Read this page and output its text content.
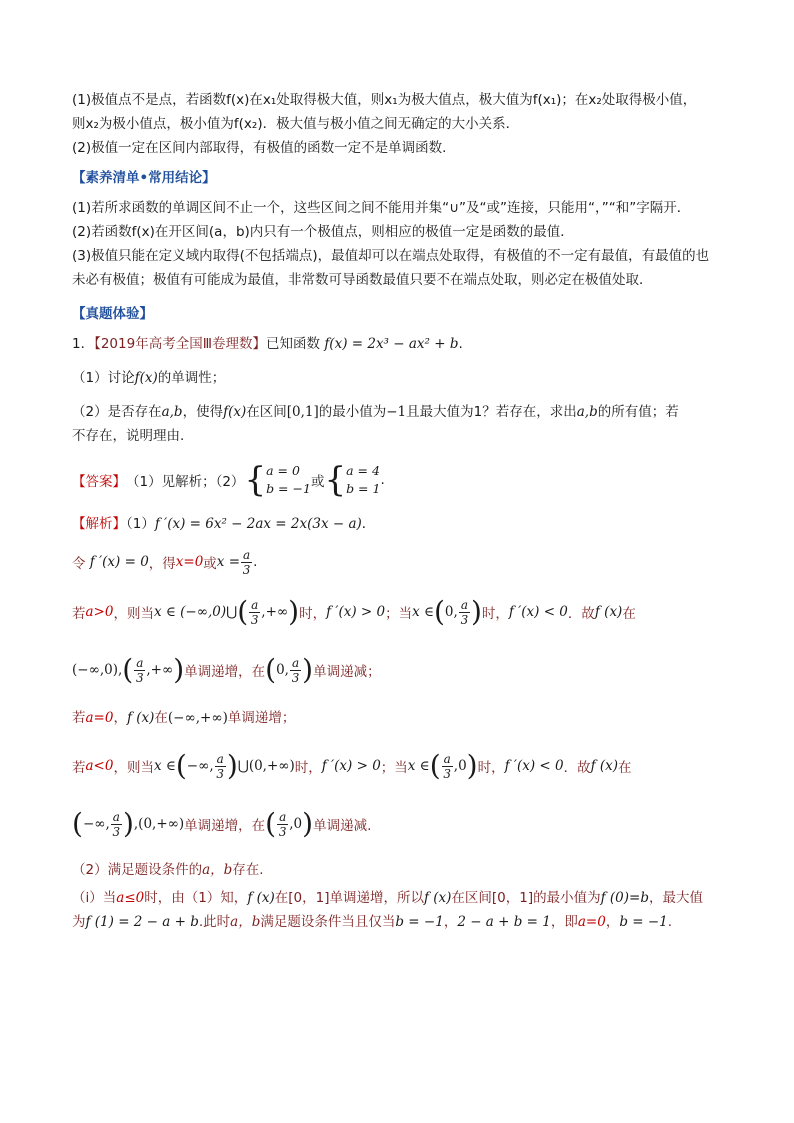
(1)极值点不是点，若函数f(x)在x₁处取得极大值，则x₁为极大值点，极大值为f(x₁)；在x₂处取得极小值，

则x₂为极小值点，极小值为f(x₂)．极大值与极小值之间无确定的大小关系．

(2)极值一定在区间内部取得，有极值的函数一定不是单调函数.

【素养清单•常用结论】

(1)若所求函数的单调区间不止一个，这些区间之间不能用并集“∪”及“或”连接，只能用“，”“和”字隔开．

(2)若函数f(x)在开区间(a，b)内只有一个极值点，则相应的极值一定是函数的最值．

(3)极值只能在定义域内取得(不包括端点)，最值却可以在端点处取得，有极值的不一定有最值，有最值的也

未必有极值；极值有可能成为最值，非常数可导函数最值只要不在端点处取，则必定在极值处取．

【真题体验】

1．【2019年高考全国Ⅲ卷理数】已知函数 f(x) = 2x³ − ax² + b.

（1）讨论f(x)的单调性；

（2）是否存在a,b，使得f(x)在区间[0,1]的最小值为−1且最大值为1？若存在，求出a,b的所有值；若

不存在，说明理由.

【答案】 （1）见解析；（2） { a = 0
b = −1 或 { a = 4
b = 1
.

【解析】（1）f ′(x) = 6x² − 2ax = 2x(3x − a)．

令
f ′(x) = 0 ，得 x=0 或 $x = \frac{a}{3}$ .
若 a>0 ，则当 x ∈ (−∞,0) ⋃ ( $\frac{a}{3}$ ,+∞ ) 时， f ′(x) > 0 ；当 x ∈ ( 0, $\frac{a}{3}$ ) 时， f ′(x) < 0 ．故 f (x) 在
(−∞,0), ( $\frac{a}{3}$ ,+∞ ) 单调递增，在 ( 0, $\frac{a}{3}$ ) 单调递减；

若a=0，f (x)在(−∞,+∞)单调递增；

若 a<0 ，则当 x ∈ ( −∞, $\frac{a}{3}$ ) ⋃(0,+∞) 时， f ′(x) > 0 ；当 x ∈ ( $\frac{a}{3} ,0$ ) 时， f ′(x) < 0 ．故 f (x) 在
( −∞, $\frac{a}{3}$ ) ,(0,+∞) 单调递增，在 ( $\frac{a}{3} ,0$ ) 单调递减.

（2）满足题设条件的a，b存在.

（i）当a≤0时，由（1）知，f (x)在[0，1]单调递增，所以f (x)在区间[0，1]的最小值为f (0)=b，最大值

为f (1) = 2 − a + b.此时a，b满足题设条件当且仅当b = −1，2 − a + b = 1，即a=0，b = −1.
